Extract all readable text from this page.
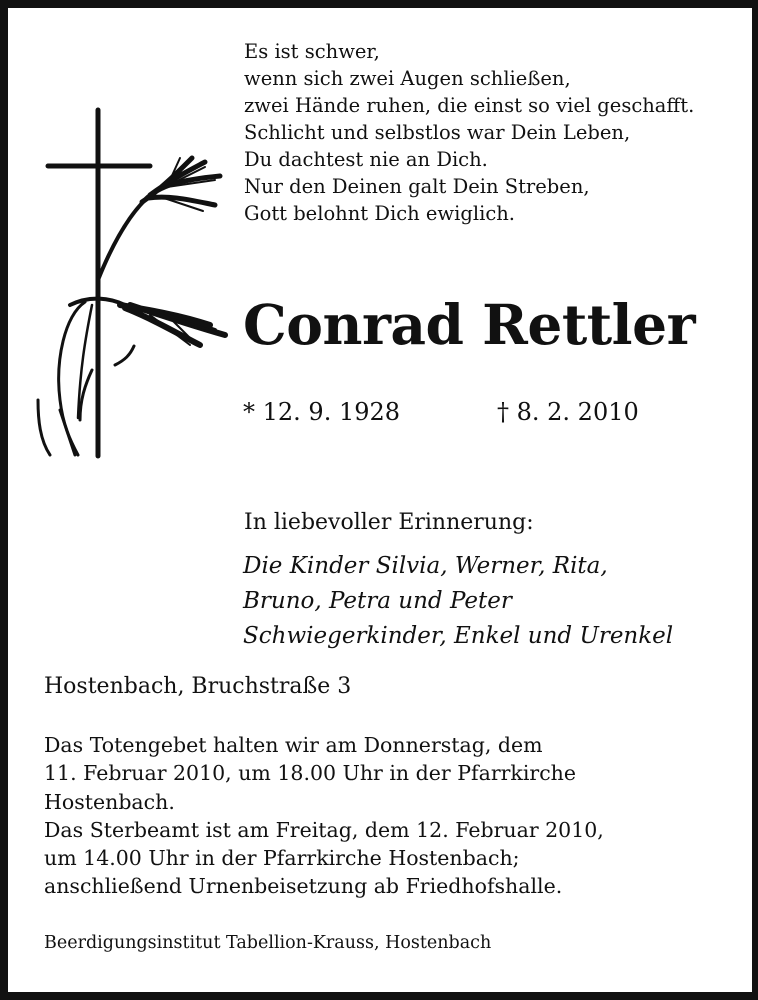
Es ist schwer,
wenn sich zwei Augen schließen,
zwei Hände ruhen, die einst so viel geschafft.
Schlicht und selbstlos war Dein Leben,
Du dachtest nie an Dich.
Nur den Deinen galt Dein Streben,
Gott belohnt Dich ewiglich.
Conrad Rettler
* 12. 9. 1928	† 8. 2. 2010
In liebevoller Erinnerung:
Die Kinder Silvia, Werner, Rita,
Bruno, Petra und Peter
Schwiegerkinder, Enkel und Urenkel
Hostenbach, Bruchstraße 3
Das Totengebet halten wir am Donnerstag, dem
11. Februar 2010, um 18.00 Uhr in der Pfarrkirche
Hostenbach.
Das Sterbeamt ist am Freitag, dem 12. Februar 2010,
um 14.00 Uhr in der Pfarrkirche Hostenbach;
anschließend Urnenbeisetzung ab Friedhofshalle.
Beerdigungsinstitut Tabellion-Krauss, Hostenbach
